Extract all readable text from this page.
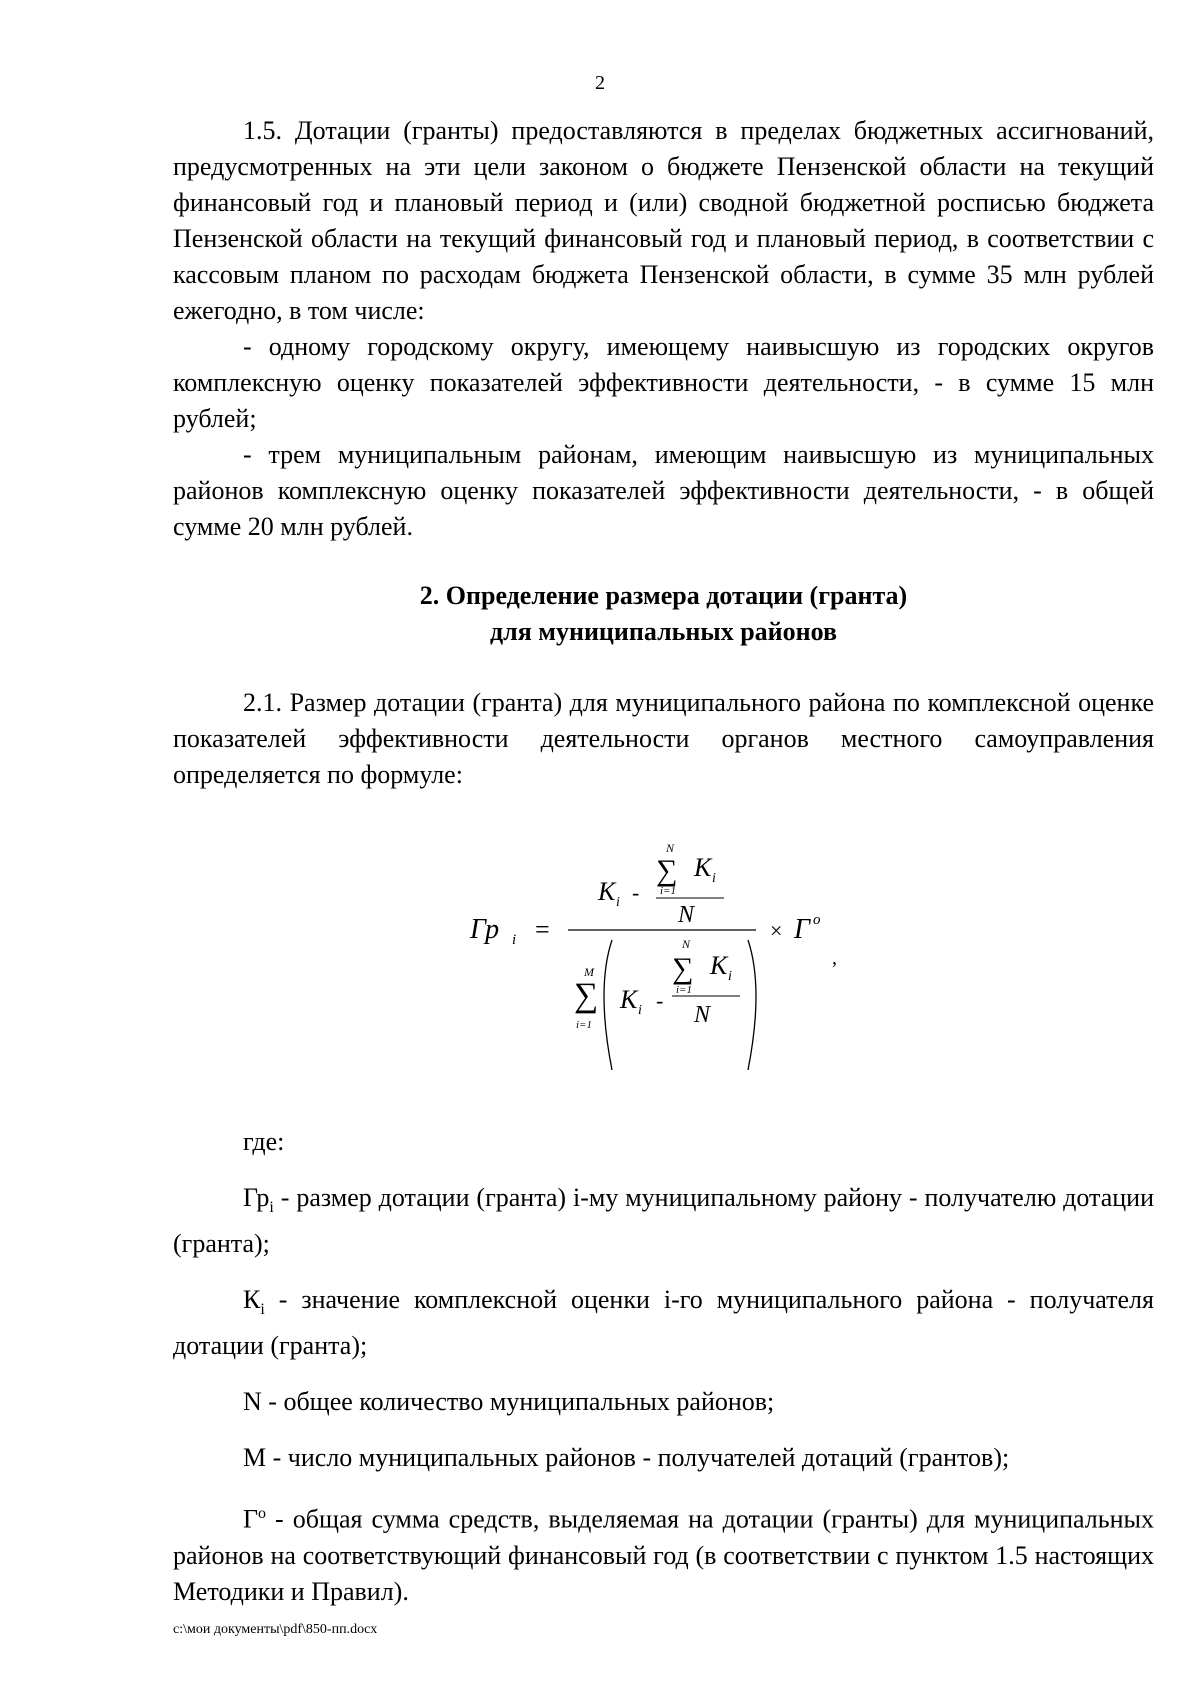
2

1.5. Дотации (гранты) предоставляются в пределах бюджетных ассигнований, предусмотренных на эти цели законом о бюджете Пензенской области на текущий финансовый год и плановый период и (или) сводной бюджетной росписью бюджета Пензенской области на текущий финансовый год и плановый период, в соответствии с кассовым планом по расходам бюджета Пензенской области, в сумме 35 млн рублей ежегодно, в том числе:

- одному городскому округу, имеющему наивысшую из городских округов комплексную оценку показателей эффективности деятельности, - в сумме 15 млн рублей;

- трем муниципальным районам, имеющим наивысшую из муниципальных районов комплексную оценку показателей эффективности деятельности, - в общей сумме 20 млн рублей.

2. Определение размера дотации (гранта)
для муниципальных районов

2.1. Размер дотации (гранта) для муниципального района по комплексной оценке показателей эффективности деятельности органов местного самоуправления определяется по формуле:

Гр i =
K i -
N
∑ K i
i=1
N
M
∑
i=1
K i -
N
∑ K i
i=1
N
× Г о
,

где:

$Гр_i$ - размер дотации (гранта) i-му муниципальному району - получателю дотации (гранта);

$К_i$ - значение комплексной оценки i-го муниципального района - получателя дотации (гранта);

N - общее количество муниципальных районов;

М - число муниципальных районов - получателей дотаций (грантов);

$Г^о$ - общая сумма средств, выделяемая на дотации (гранты) для муниципальных районов на соответствующий финансовый год (в соответствии с пунктом 1.5 настоящих Методики и Правил).

c:\мои документы\pdf\850-пп.docx
